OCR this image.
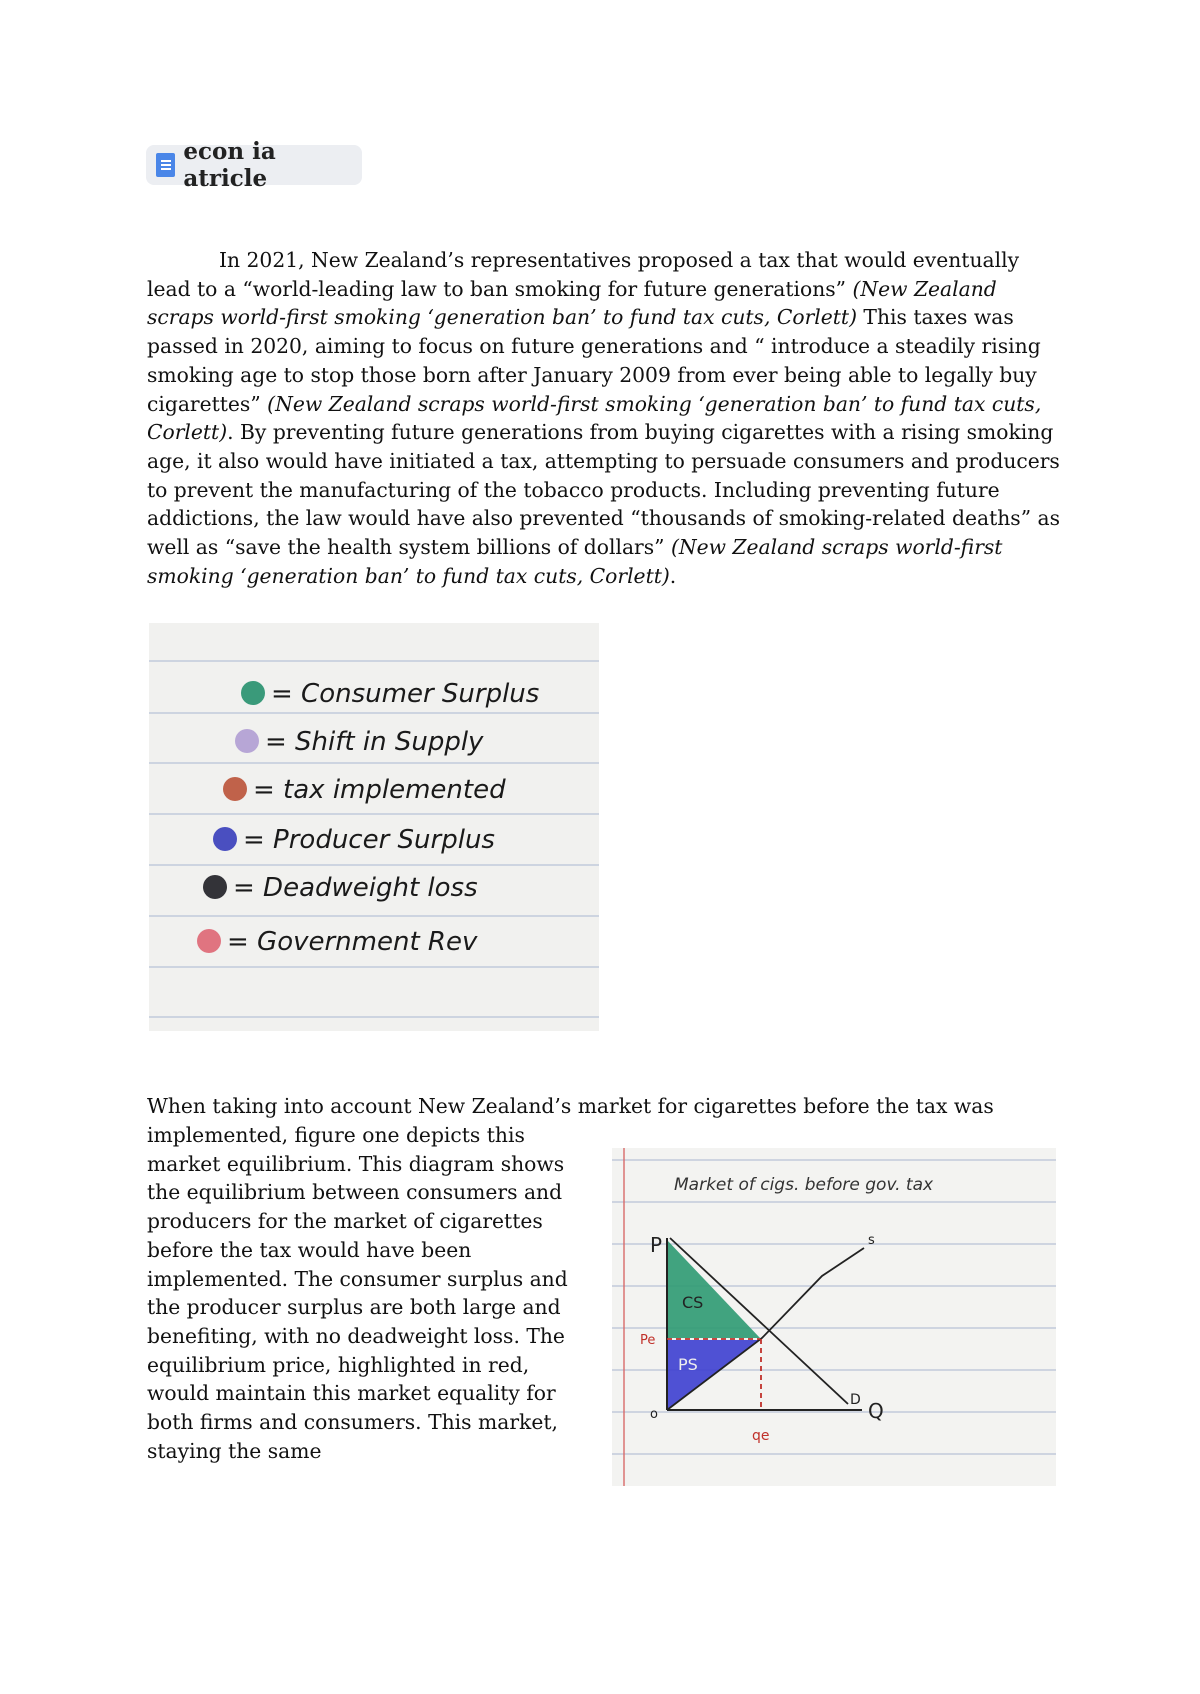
econ ia atricle

In 2021, New Zealand’s representatives proposed a tax that would eventually lead to a “world-leading law to ban smoking for future generations” (New Zealand scraps world-first smoking ‘generation ban’ to fund tax cuts, Corlett) This taxes was passed in 2020, aiming to focus on future generations and “ introduce a steadily rising smoking age to stop those born after January 2009 from ever being able to legally buy cigarettes” (New Zealand scraps world-first smoking ‘generation ban’ to fund tax cuts, Corlett). By preventing future generations from buying cigarettes with a rising smoking age, it also would have initiated a tax, attempting to persuade consumers and producers to prevent the manufacturing of the tobacco products. Including preventing future addictions, the law would have also prevented “thousands of smoking-related deaths” as well as “save the health system billions of dollars” (New Zealand scraps world-first smoking ‘generation ban’ to fund tax cuts, Corlett).

= Consumer Surplus
= Shift in Supply
= tax implemented
= Producer Surplus
= Deadweight loss
= Government Rev
When taking into account New Zealand’s market for cigarettes before the tax was
implemented, figure one depicts this market equilibrium. This diagram shows the equilibrium between consumers and producers for the market of cigarettes before the tax would have been implemented. The consumer surplus and the producer surplus are both large and benefiting, with no deadweight loss. The equilibrium price, highlighted in red, would maintain this market equality for both firms and consumers. This market, staying the same
Market of cigs. before gov. tax
CS
PS
P
Q
o
s
D
Pe
qe
